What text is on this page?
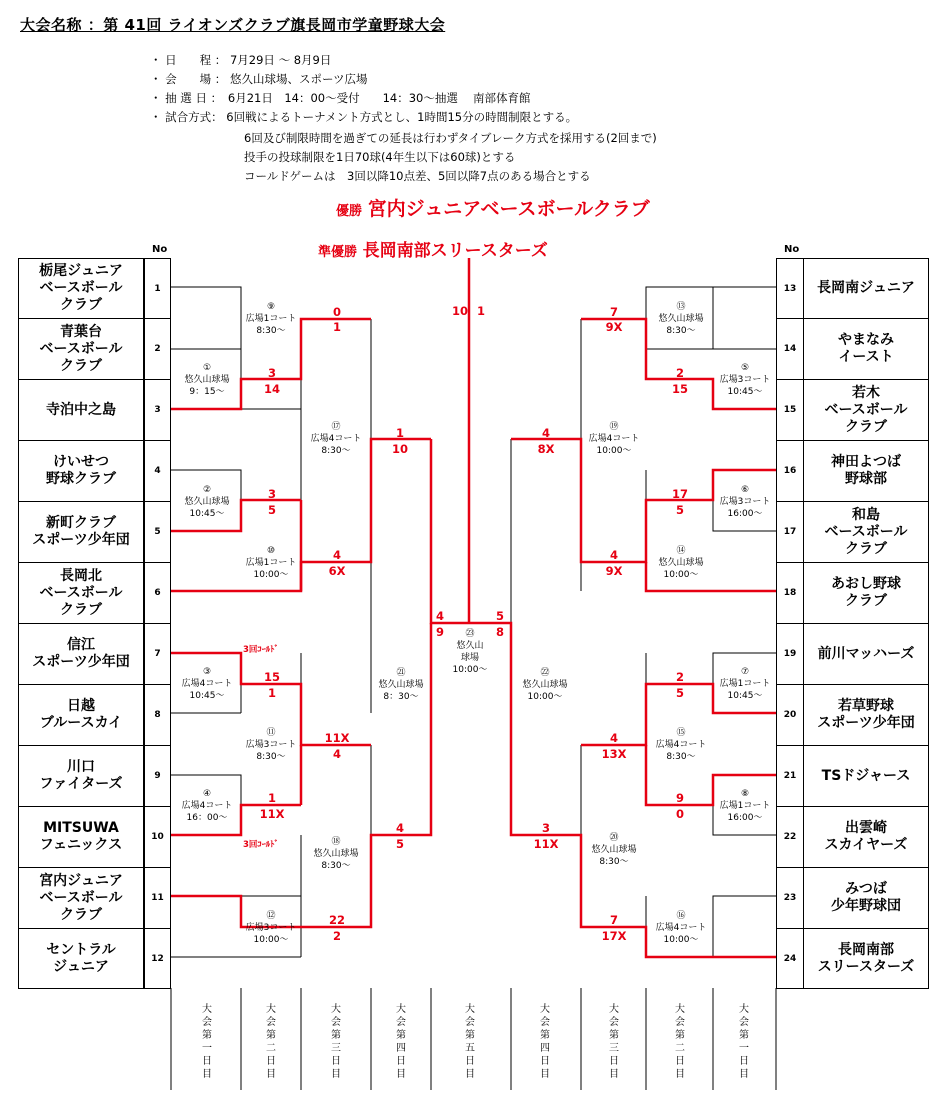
大会名称 ：第 41回 ライオンズクラブ旗長岡市学童野球大会
・ 日　　程 ： 7月29日 ～ 8月9日
・ 会　　場 ： 悠久山球場、スポーツ広場
・ 抽 選 日 ：　6月21日　14：00～受付　　14：30～抽選　 南部体育館
・ 試合方式： 6回戦によるトーナメント方式とし、1時間15分の時間制限とする。
6回及び制限時間を過ぎての延長は行わずタイブレーク方式を採用する(2回まで)
投手の投球制限を1日70球(4年生以下は60球)とする
コールドゲームは　3回以降10点差、5回以降7点のある場合とする
優勝 宮内ジュニアベースボールクラブ
準優勝 長岡南部スリースターズ
No	No
栃尾ジュニア
ベースボール
クラブ
青葉台
ベースボール
クラブ
寺泊中之島
けいせつ
野球クラブ
新町クラブ
スポーツ少年団
長岡北
ベースボール
クラブ
信江
スポーツ少年団
日越
ブルースカイ
川口
ファイターズ
MITSUWA
フェニックス
宮内ジュニア
ベースボール
クラブ
セントラル
ジュニア
1
2
3
4
5
6
7
8
9
10
11
12
13
14
15
16
17
18
19
20
21
22
23
24
長岡南ジュニア
やまなみ
イースト
若木
ベースボール
クラブ
神田よつば
野球部
和島
ベースボール
クラブ
あおし野球
クラブ
前川マッハーズ
若草野球
スポーツ少年団
TSドジャース
出雲崎
スカイヤーズ
みつば
少年野球団
長岡南部
スリースターズ
⑨
広場1コート
8:30～
①
悠久山球場
9：15～
⑰
広場4コート
8:30～
②
悠久山球場
10:45～
⑩
広場1コート
10:00～
㉑
悠久山球場
8：30～
③
広場4コート
10:45～
⑪
広場3コート
8:30～
④
広場4コート
16：00～
⑱
悠久山球場
8:30～
⑫
広場3コート
10:00～
㉓
悠久山
球場
10:00～
⑬
悠久山球場
8:30～
⑤
広場3コート
10:45～
⑲
広場4コート
10:00～
⑥
広場3コート
16:00～
⑭
悠久山球場
10:00～
㉒
悠久山球場
10:00～
⑦
広場1コート
10:45～
⑮
広場4コート
8:30～
⑧
広場1コート
16:00～
⑳
悠久山球場
8:30～
⑯
広場4コート
10:00～
0
1
3
14
1
10
3
5
4
6X
15
1
11X
4
1
11X
4
5
22
2
4
9
10 1
5
8
7
9X
2
15
4
8X
17
5
4
9X
2
5
4
13X
9
0
3
11X
7
17X
3回ｺｰﾙﾄﾞ
3回ｺｰﾙﾄﾞ
大 会 第 一 日 目
大 会 第 二 日 目
大 会 第 三 日 目
大 会 第 四 日 目
大 会 第 五 日 目
大 会 第 四 日 目
大 会 第 三 日 目
大 会 第 二 日 目
大 会 第 一 日 目
